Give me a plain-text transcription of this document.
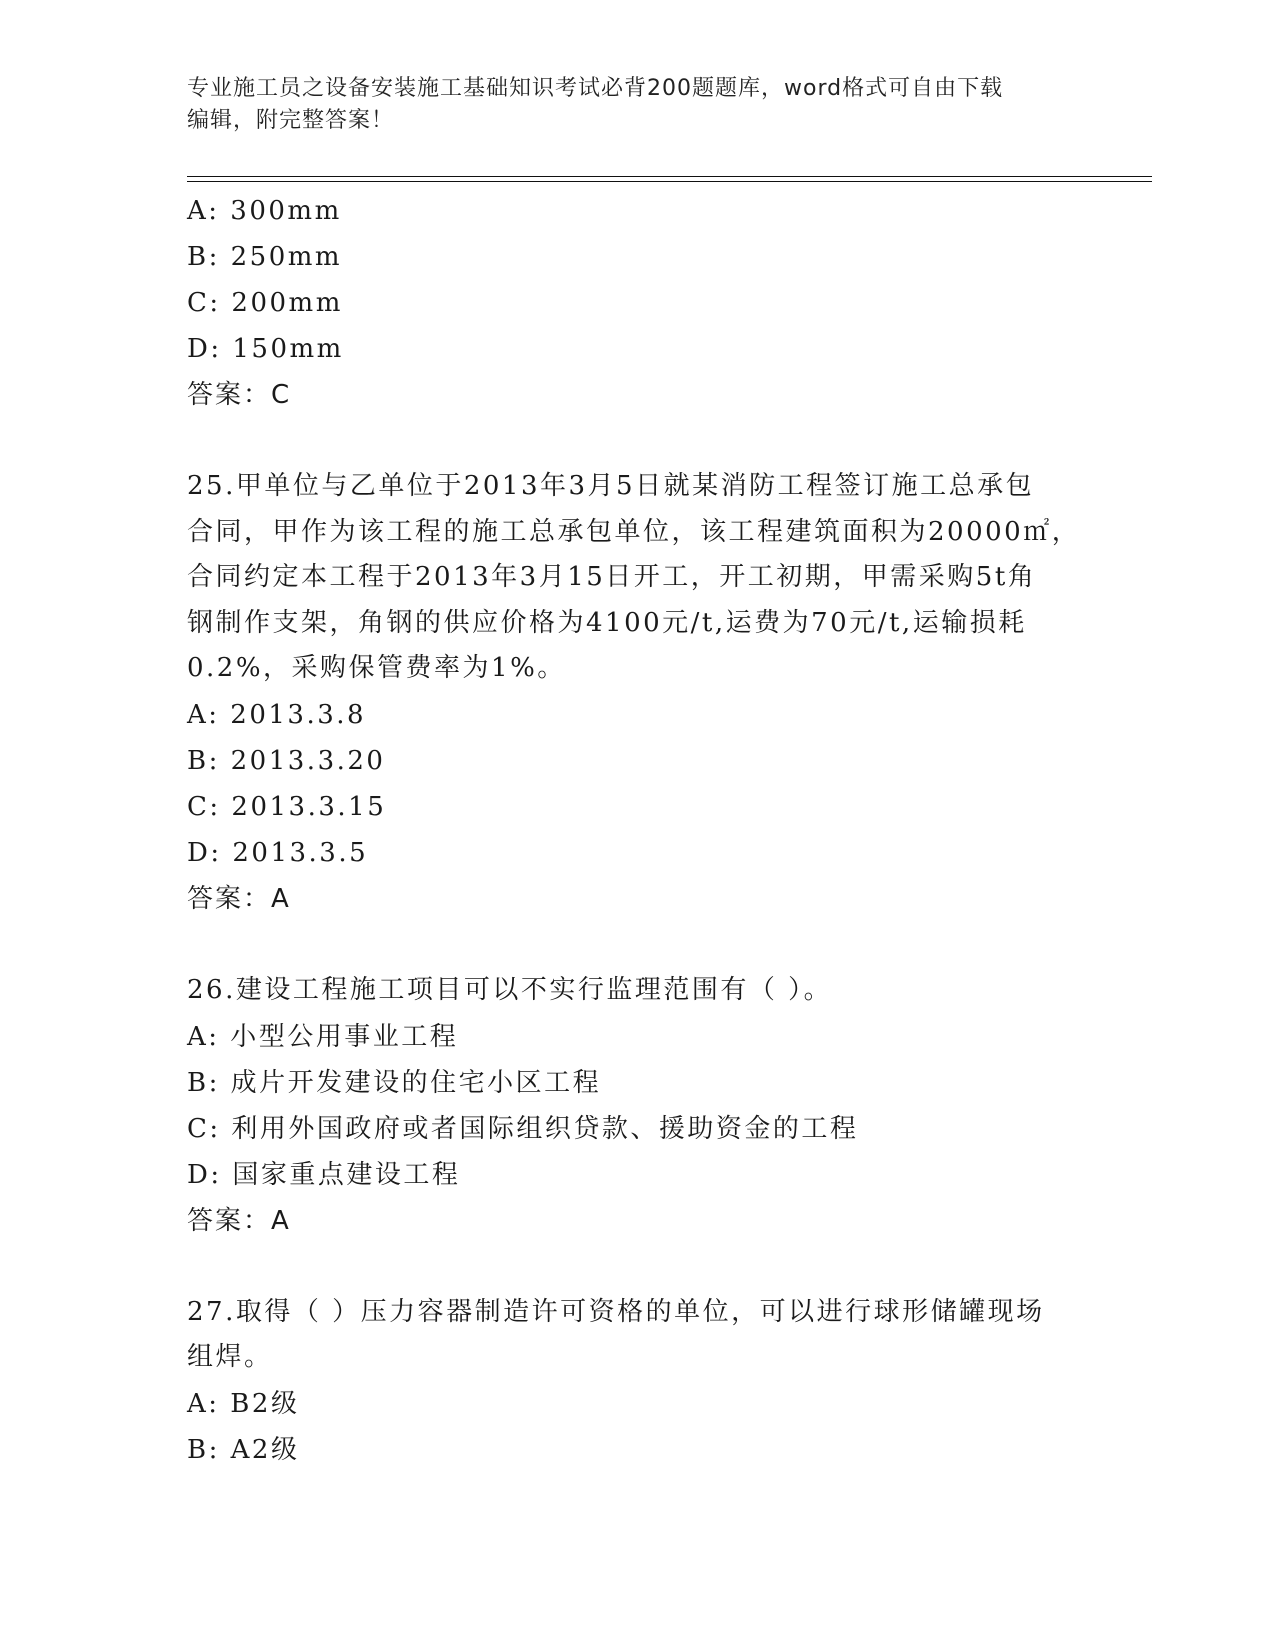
专业施工员之设备安装施工基础知识考试必背200题题库，word格式可自由下载
编辑，附完整答案！
A: 300mm
B: 250mm
C: 200mm
D: 150mm
答案：C
25.甲单位与乙单位于2013年3月5日就某消防工程签订施工总承包
合同，甲作为该工程的施工总承包单位，该工程建筑面积为20000㎡，
合同约定本工程于2013年3月15日开工，开工初期，甲需采购5t角
钢制作支架，角钢的供应价格为4100元/t,运费为70元/t,运输损耗
0.2%，采购保管费率为1%。
A: 2013.3.8
B: 2013.3.20
C: 2013.3.15
D: 2013.3.5
答案：A
26.建设工程施工项目可以不实行监理范围有（ ）。
A: 小型公用事业工程
B: 成片开发建设的住宅小区工程
C: 利用外国政府或者国际组织贷款、援助资金的工程
D: 国家重点建设工程
答案：A
27.取得（ ）压力容器制造许可资格的单位，可以进行球形储罐现场
组焊。
A: B2级
B: A2级
